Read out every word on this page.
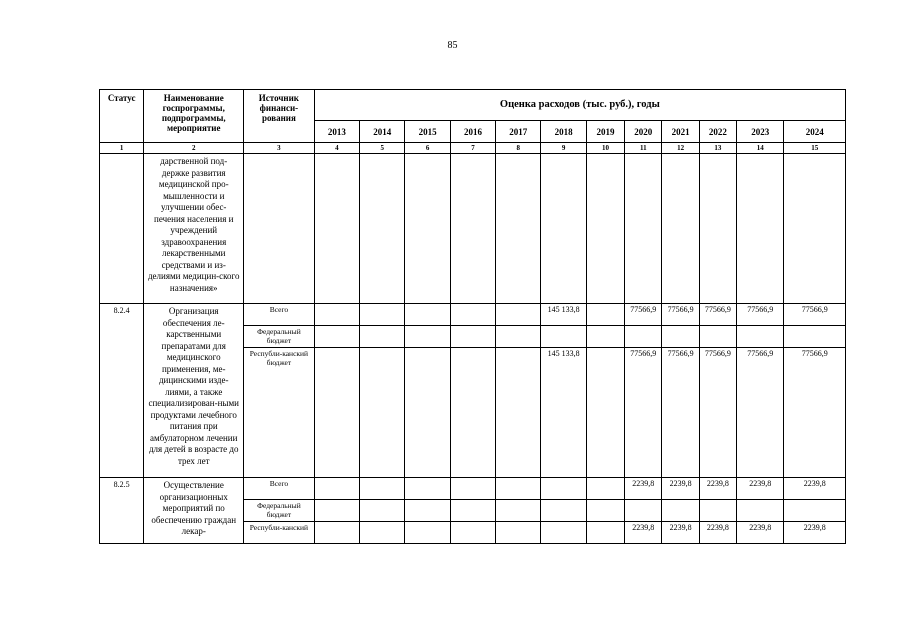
85
Статус	Наименование госпрограммы, подпрограммы, мероприятие	Источник финанси-рования	Оценка расходов (тыс. руб.), годы											
			2013	2014	2015	2016	2017	2018	2019	2020	2021	2022	2023	2024
1	2	3	4	5	6	7	8	9	10	11	12	13	14	15
	дарственной под-держке развития медицинской про-мышленности и улучшении обес-печения населения и учреждений здравоохранения лекарственными средствами и из-делиями медицин-ского назначения»													
8.2.4	Организация обеспечения ле-карственными препаратами для медицинского применения, ме-дицинскими изде-лиями, а также специализирован-ными продуктами лечебного питания при амбулаторном лечении для детей в возрасте до трех лет	Всего						145 133,8		77566,9	77566,9	77566,9	77566,9	77566,9
		Федеральный бюджет												
		Республи-канский бюджет						145 133,8		77566,9	77566,9	77566,9	77566,9	77566,9
8.2.5	Осуществление организационных мероприятий по обеспечению граждан лекар-	Всего								2239,8	2239,8	2239,8	2239,8	2239,8
		Федеральный бюджет												
		Республи-канский								2239,8	2239,8	2239,8	2239,8	2239,8
